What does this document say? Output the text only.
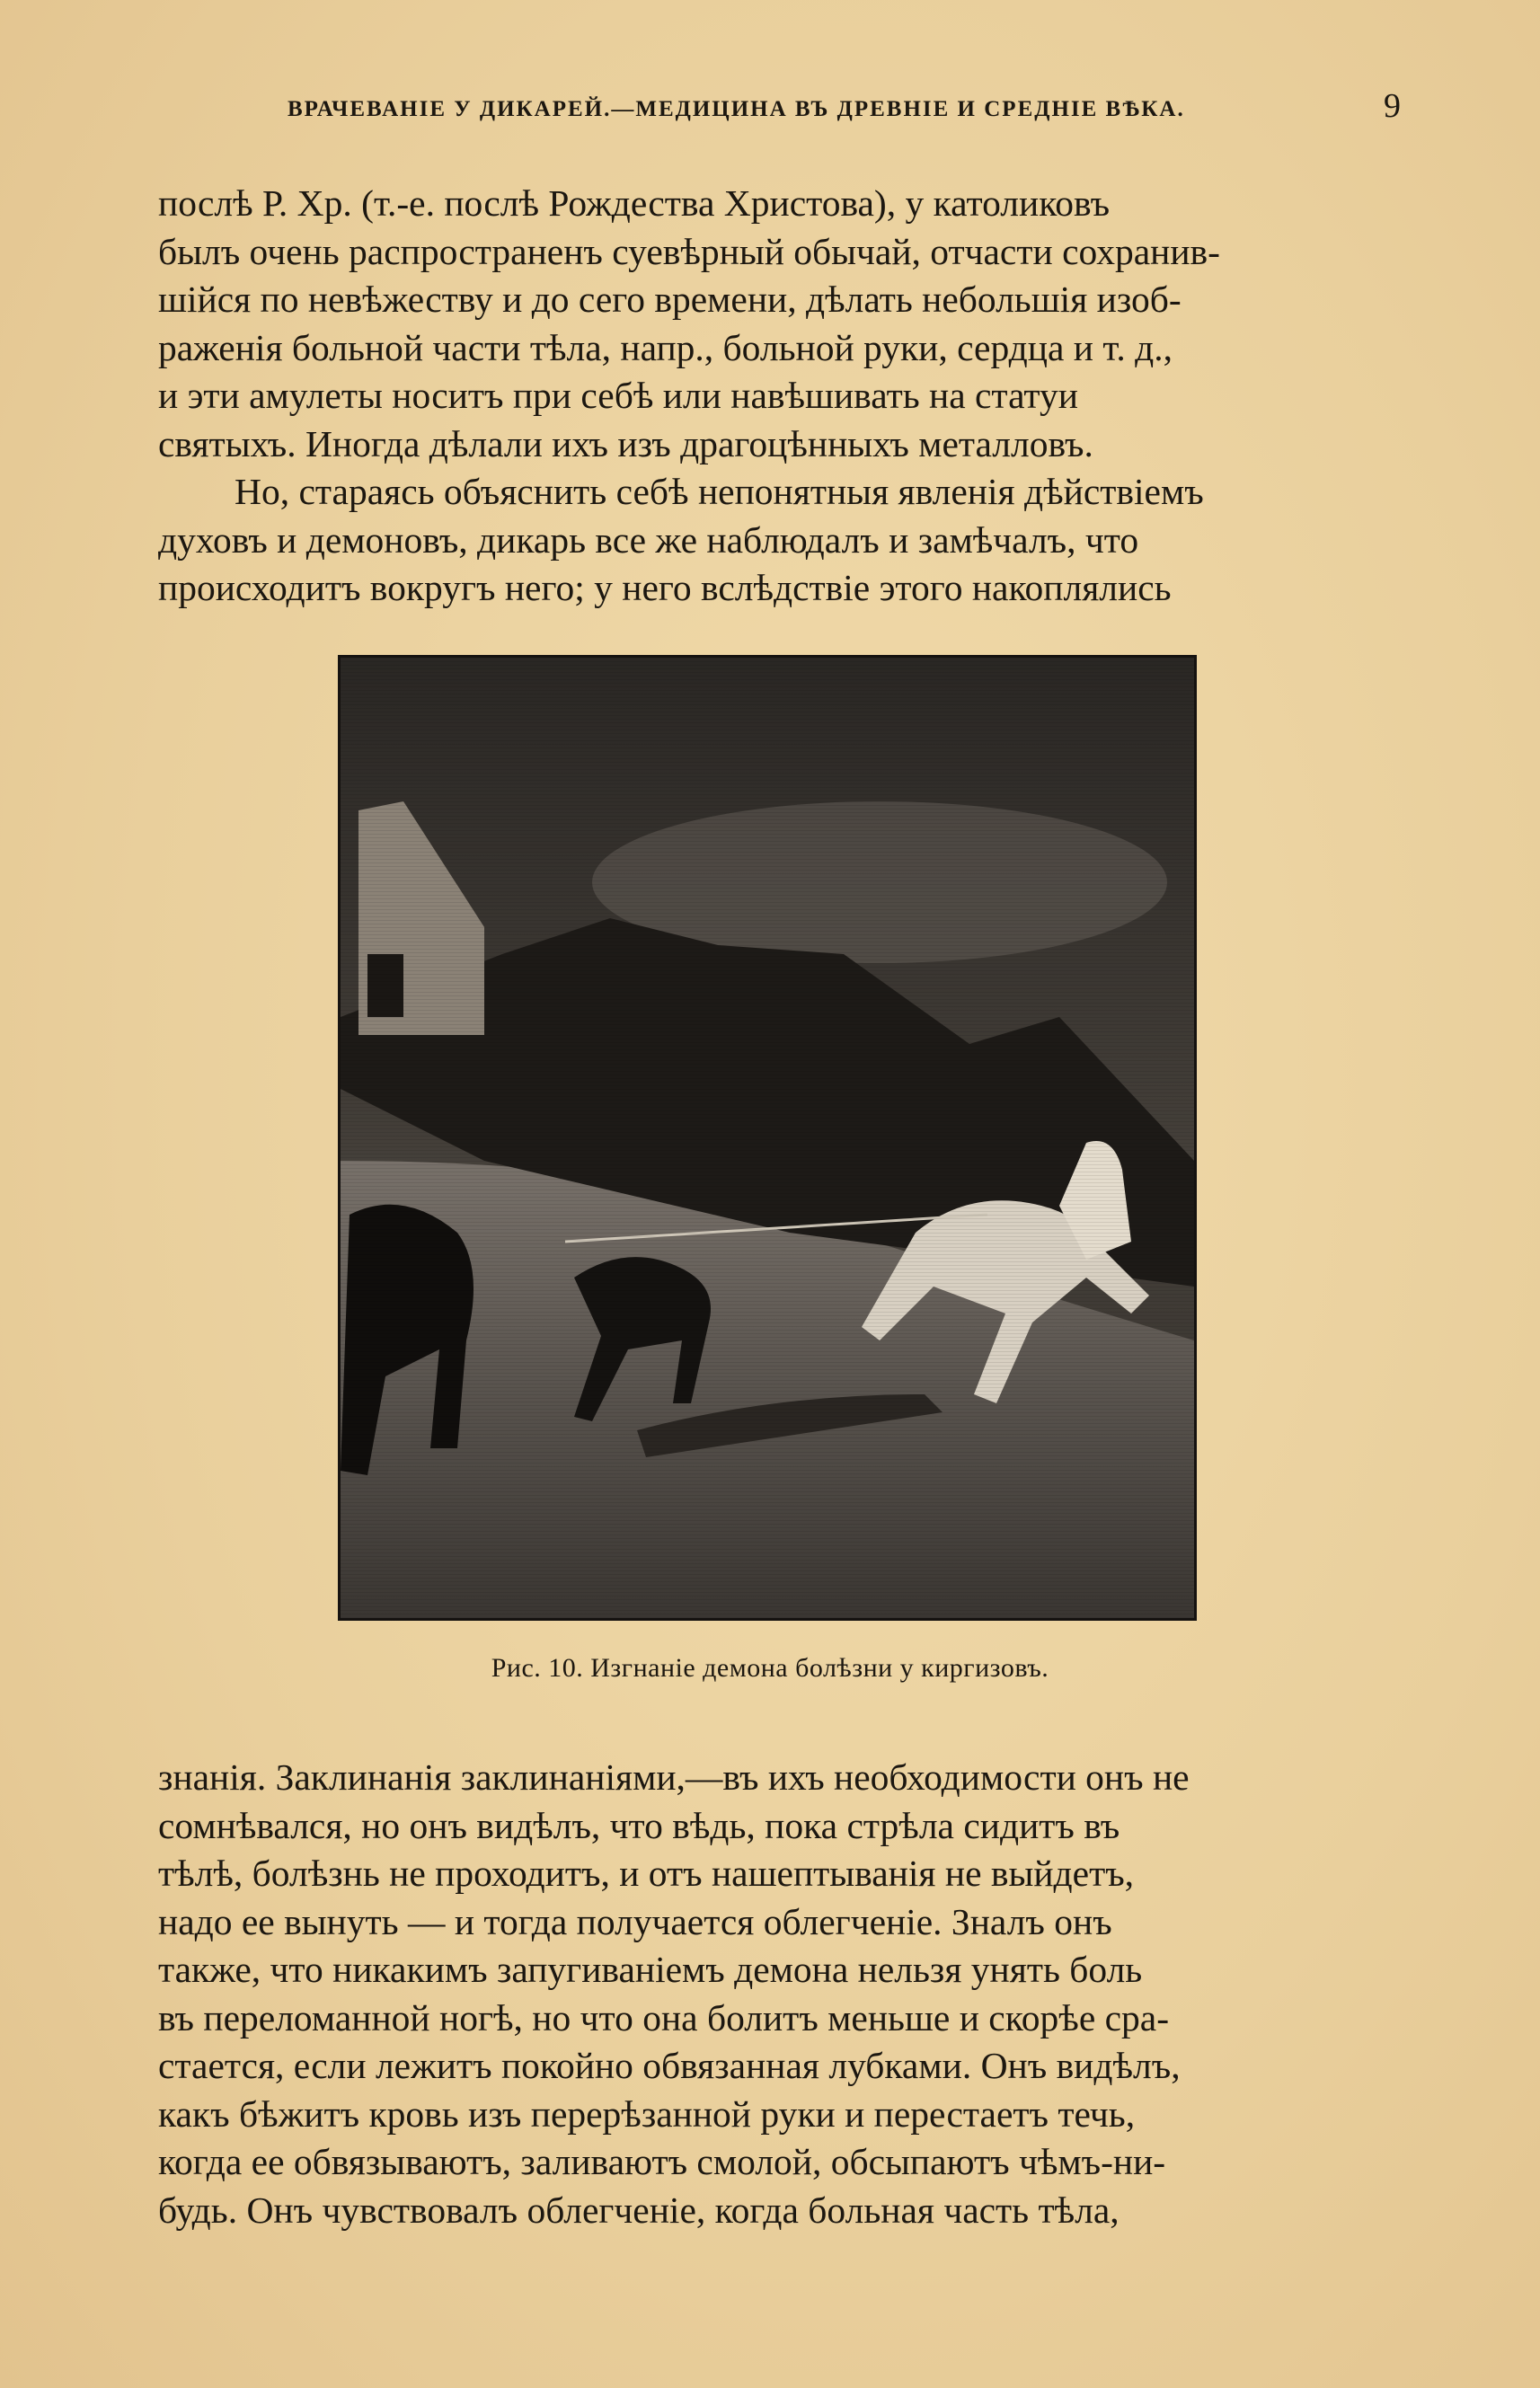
ВРАЧЕВАНІЕ У ДИКАРЕЙ.—МЕДИЦИНА ВЪ ДРЕВНІЕ И СРЕДНІЕ ВѢКА.	9
послѣ Р. Хр. (т.-е. послѣ Рождества Христова), у католиковъ
былъ очень распространенъ суевѣрный обычай, отчасти сохранив-
шійся по невѣжеству и до сего времени, дѣлать небольшія изоб-
раженія больной части тѣла, напр., больной руки, сердца и т. д.,
и эти амулеты носитъ при себѣ или навѣшивать на статуи
святыхъ. Иногда дѣлали ихъ изъ драгоцѣнныхъ металловъ.
Но, стараясь объяснить себѣ непонятныя явленія дѣйствіемъ
духовъ и демоновъ, дикарь все же наблюдалъ и замѣчалъ, что
происходитъ вокругъ него; у него вслѣдствіе этого накоплялись
Рис. 10. Изгнаніе демона болѣзни у киргизовъ.
знанія. Заклинанія заклинаніями,—въ ихъ необходимости онъ не
сомнѣвался, но онъ видѣлъ, что вѣдь, пока стрѣла сидитъ въ
тѣлѣ, болѣзнь не проходитъ, и отъ нашептыванія не выйдетъ,
надо ее вынуть — и тогда получается облегченіе. Зналъ онъ
также, что никакимъ запугиваніемъ демона нельзя унять боль
въ переломанной ногѣ, но что она болитъ меньше и скорѣе сра-
стается, если лежитъ покойно обвязанная лубками. Онъ видѣлъ,
какъ бѣжитъ кровь изъ перерѣзанной руки и перестаетъ течь,
когда ее обвязываютъ, заливаютъ смолой, обсыпаютъ чѣмъ-ни-
будь. Онъ чувствовалъ облегченіе, когда больная часть тѣла,
